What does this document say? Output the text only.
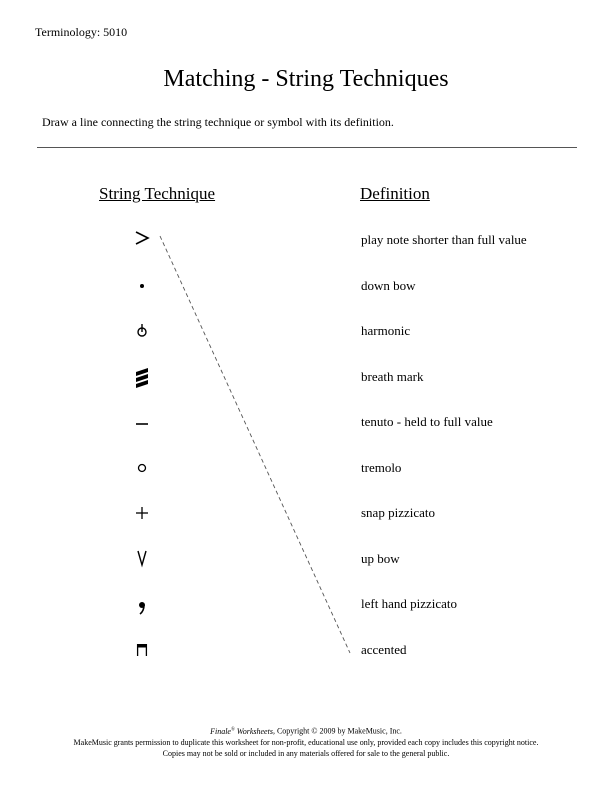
Terminology: 5010
Matching - String Techniques
Draw a line connecting the string technique or symbol with its definition.
String Technique	Definition
play note shorter than full value
down bow
harmonic
breath mark
tenuto - held to full value
tremolo
snap pizzicato
up bow
left hand pizzicato
accented
Finale® Worksheets, Copyright © 2009 by MakeMusic, Inc.
MakeMusic grants permission to duplicate this worksheet for non-profit, educational use only, provided each copy includes this copyright notice.
Copies may not be sold or included in any materials offered for sale to the general public.
